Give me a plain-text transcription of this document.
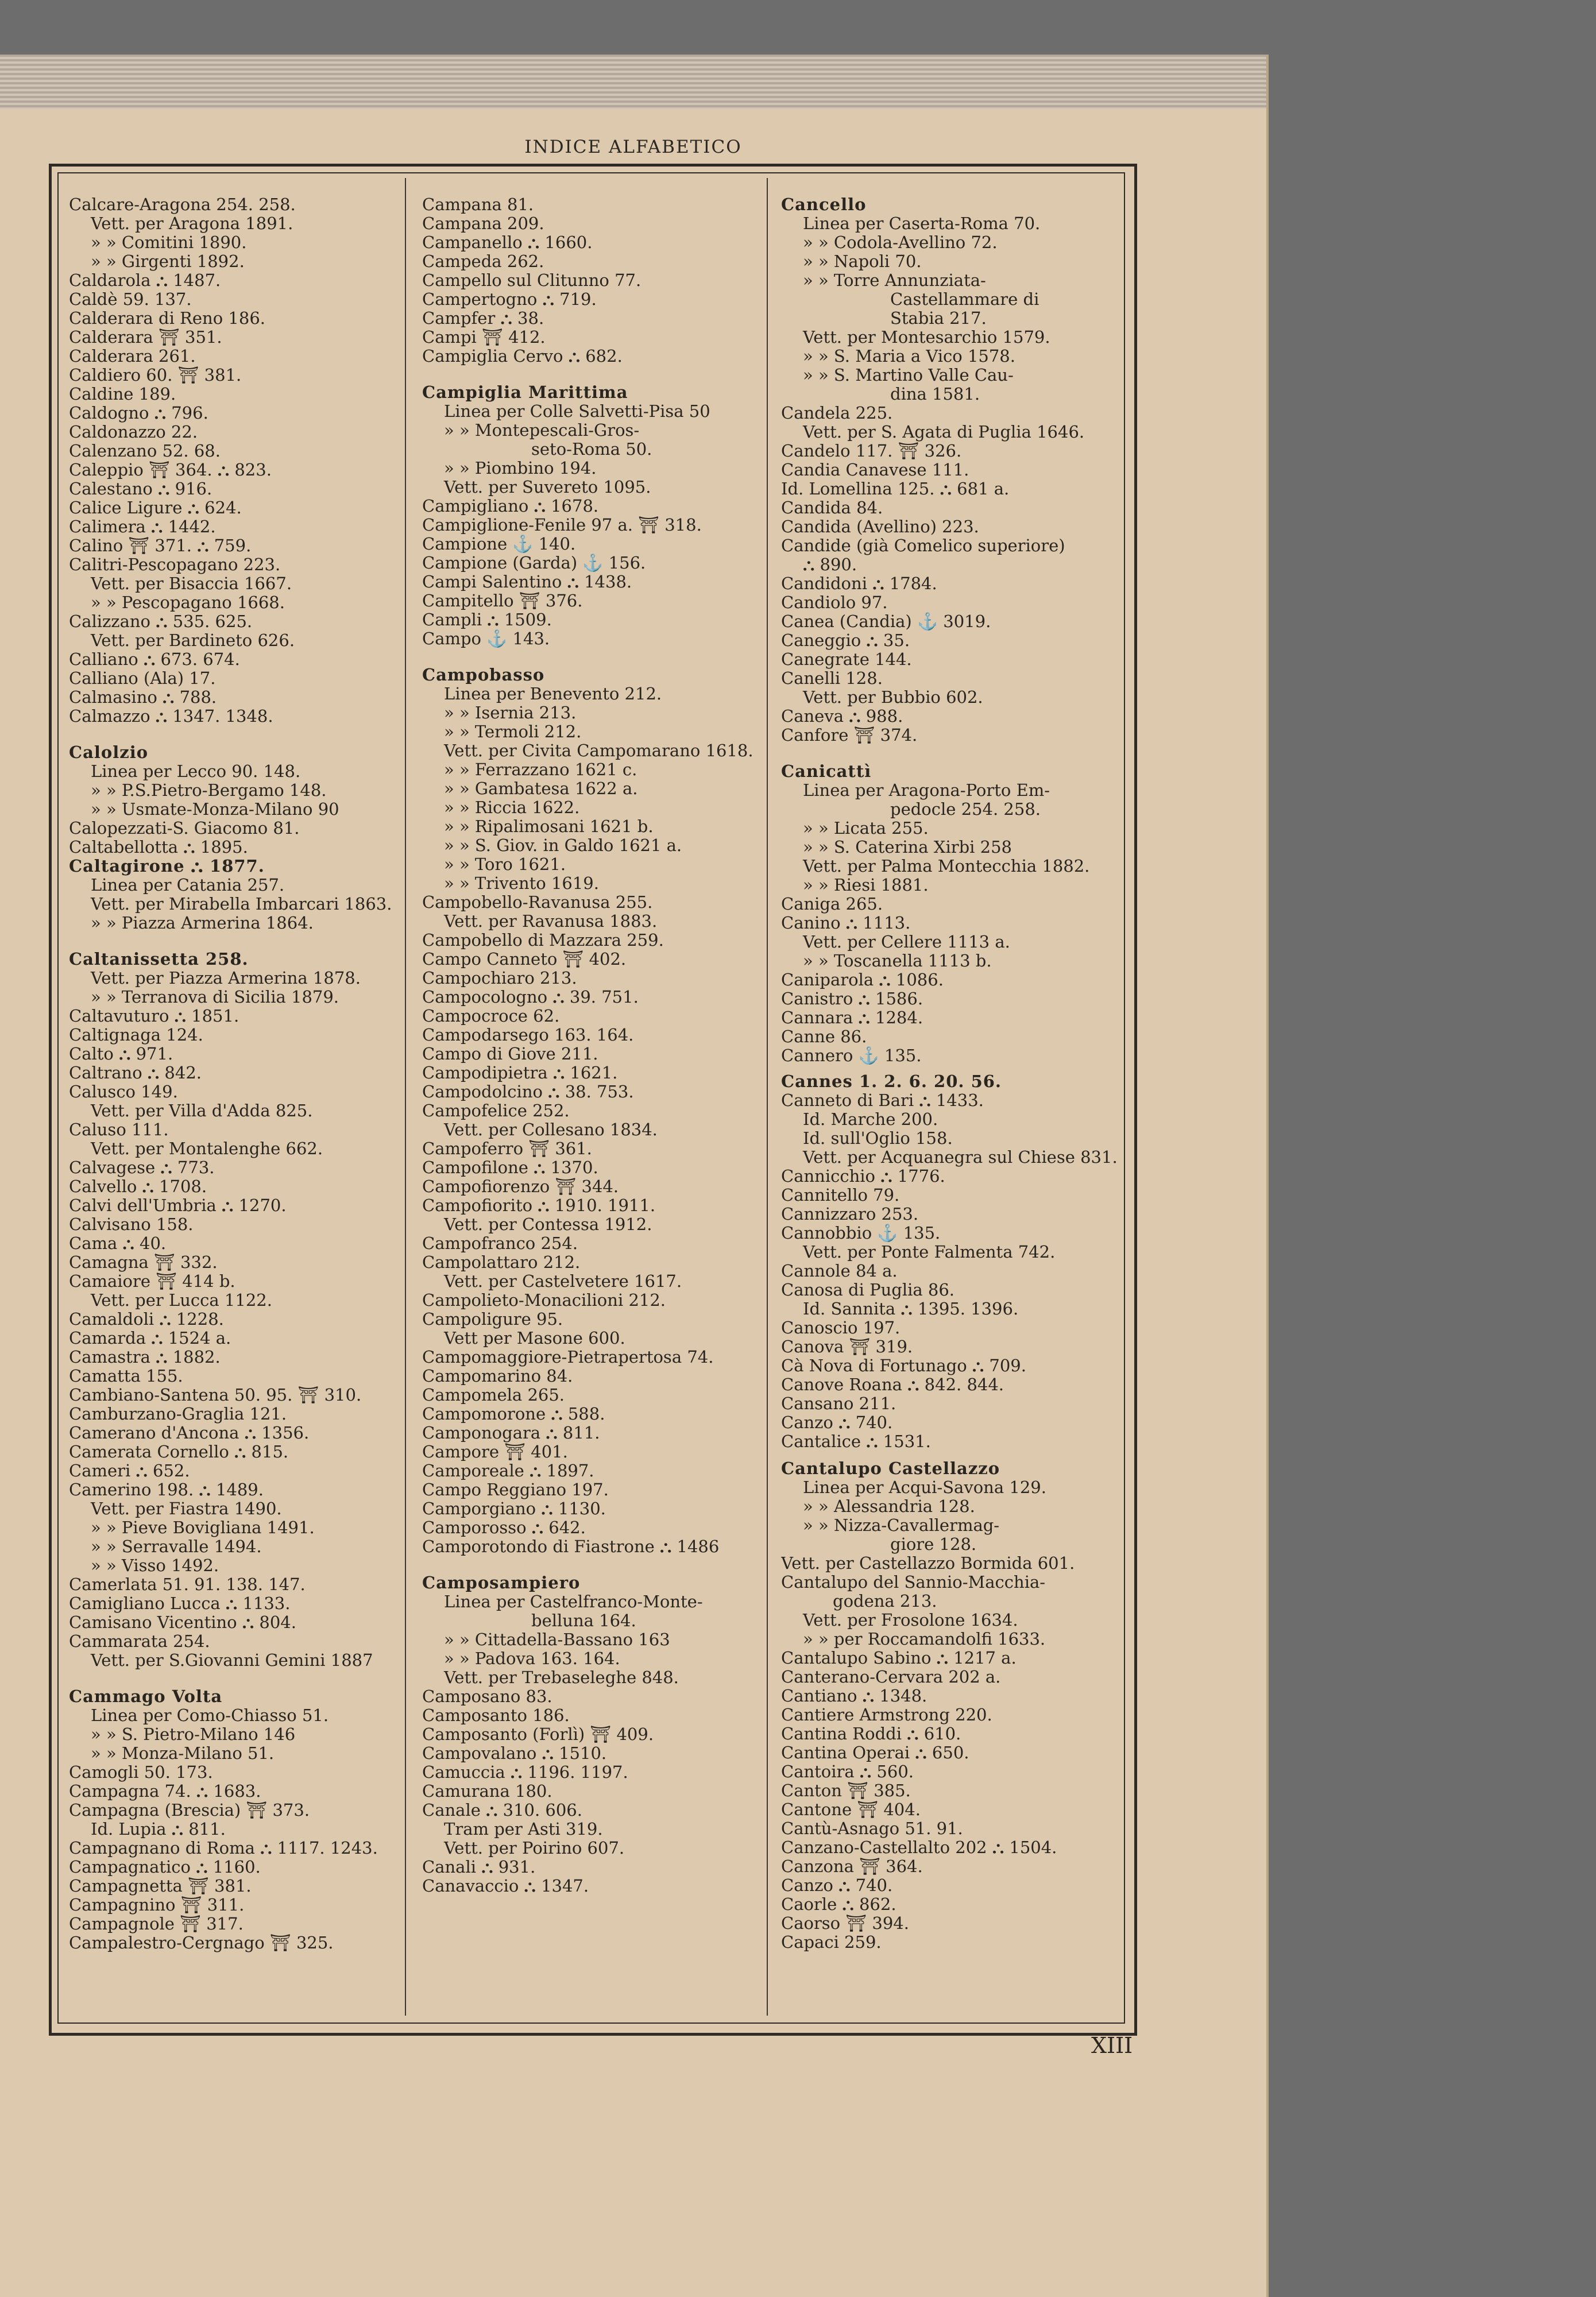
INDICE ALFABETICO
Calcare-Aragona 254. 258.
Vett. per Aragona 1891.
» » Comitini 1890.
» » Girgenti 1892.
Caldarola ⛬ 1487.
Caldè 59. 137.
Calderara di Reno 186.
Calderara ⛩ 351.
Calderara 261.
Caldiero 60. ⛩ 381.
Caldine 189.
Caldogno ⛬ 796.
Caldonazzo 22.
Calenzano 52. 68.
Caleppio ⛩ 364. ⛬ 823.
Calestano ⛬ 916.
Calice Ligure ⛬ 624.
Calimera ⛬ 1442.
Calino ⛩ 371. ⛬ 759.
Calitri-Pescopagano 223.
Vett. per Bisaccia 1667.
» » Pescopagano 1668.
Calizzano ⛬ 535. 625.
Vett. per Bardineto 626.
Calliano ⛬ 673. 674.
Calliano (Ala) 17.
Calmasino ⛬ 788.
Calmazzo ⛬ 1347. 1348.
Calolzio
Linea per Lecco 90. 148.
» » P.S.Pietro-Bergamo 148.
» » Usmate-Monza-Milano 90
Calopezzati-S. Giacomo 81.
Caltabellotta ⛬ 1895.
Caltagirone ⛬ 1877.
Linea per Catania 257.
Vett. per Mirabella Imbarcari 1863.
» » Piazza Armerina 1864.
Caltanissetta 258.
Vett. per Piazza Armerina 1878.
» » Terranova di Sicilia 1879.
Caltavuturo ⛬ 1851.
Caltignaga 124.
Calto ⛬ 971.
Caltrano ⛬ 842.
Calusco 149.
Vett. per Villa d'Adda 825.
Caluso 111.
Vett. per Montalenghe 662.
Calvagese ⛬ 773.
Calvello ⛬ 1708.
Calvi dell'Umbria ⛬ 1270.
Calvisano 158.
Cama ⛬ 40.
Camagna ⛩ 332.
Camaiore ⛩ 414 b.
Vett. per Lucca 1122.
Camaldoli ⛬ 1228.
Camarda ⛬ 1524 a.
Camastra ⛬ 1882.
Camatta 155.
Cambiano-Santena 50. 95. ⛩ 310.
Camburzano-Graglia 121.
Camerano d'Ancona ⛬ 1356.
Camerata Cornello ⛬ 815.
Cameri ⛬ 652.
Camerino 198. ⛬ 1489.
Vett. per Fiastra 1490.
» » Pieve Bovigliana 1491.
» » Serravalle 1494.
» » Visso 1492.
Camerlata 51. 91. 138. 147.
Camigliano Lucca ⛬ 1133.
Camisano Vicentino ⛬ 804.
Cammarata 254.
Vett. per S.Giovanni Gemini 1887
Cammago Volta
Linea per Como-Chiasso 51.
» » S. Pietro-Milano 146
» » Monza-Milano 51.
Camogli 50. 173.
Campagna 74. ⛬ 1683.
Campagna (Brescia) ⛩ 373.
Id. Lupia ⛬ 811.
Campagnano di Roma ⛬ 1117. 1243.
Campagnatico ⛬ 1160.
Campagnetta ⛩ 381.
Campagnino ⛩ 311.
Campagnole ⛩ 317.
Campalestro-Cergnago ⛩ 325.
Campana 81.
Campana 209.
Campanello ⛬ 1660.
Campeda 262.
Campello sul Clitunno 77.
Campertogno ⛬ 719.
Campfer ⛬ 38.
Campi ⛩ 412.
Campiglia Cervo ⛬ 682.
Campiglia Marittima
Linea per Colle Salvetti-Pisa 50
» » Montepescali-Gros-
seto-Roma 50.
» » Piombino 194.
Vett. per Suvereto 1095.
Campigliano ⛬ 1678.
Campiglione-Fenile 97 a. ⛩ 318.
Campione ⚓ 140.
Campione (Garda) ⚓ 156.
Campi Salentino ⛬ 1438.
Campitello ⛩ 376.
Campli ⛬ 1509.
Campo ⚓ 143.
Campobasso
Linea per Benevento 212.
» » Isernia 213.
» » Termoli 212.
Vett. per Civita Campomarano 1618.
» » Ferrazzano 1621 c.
» » Gambatesa 1622 a.
» » Riccia 1622.
» » Ripalimosani 1621 b.
» » S. Giov. in Galdo 1621 a.
» » Toro 1621.
» » Trivento 1619.
Campobello-Ravanusa 255.
Vett. per Ravanusa 1883.
Campobello di Mazzara 259.
Campo Canneto ⛩ 402.
Campochiaro 213.
Campocologno ⛬ 39. 751.
Campocroce 62.
Campodarsego 163. 164.
Campo di Giove 211.
Campodipietra ⛬ 1621.
Campodolcino ⛬ 38. 753.
Campofelice 252.
Vett. per Collesano 1834.
Campoferro ⛩ 361.
Campofilone ⛬ 1370.
Campofiorenzo ⛩ 344.
Campofiorito ⛬ 1910. 1911.
Vett. per Contessa 1912.
Campofranco 254.
Campolattaro 212.
Vett. per Castelvetere 1617.
Campolieto-Monacilioni 212.
Campoligure 95.
Vett per Masone 600.
Campomaggiore-Pietrapertosa 74.
Campomarino 84.
Campomela 265.
Campomorone ⛬ 588.
Camponogara ⛬ 811.
Campore ⛩ 401.
Camporeale ⛬ 1897.
Campo Reggiano 197.
Camporgiano ⛬ 1130.
Camporosso ⛬ 642.
Camporotondo di Fiastrone ⛬ 1486
Camposampiero
Linea per Castelfranco-Monte-
belluna 164.
» » Cittadella-Bassano 163
» » Padova 163. 164.
Vett. per Trebaseleghe 848.
Camposano 83.
Camposanto 186.
Camposanto (Forlì) ⛩ 409.
Campovalano ⛬ 1510.
Camuccia ⛬ 1196. 1197.
Camurana 180.
Canale ⛬ 310. 606.
Tram per Asti 319.
Vett. per Poirino 607.
Canali ⛬ 931.
Canavaccio ⛬ 1347.
Cancello
Linea per Caserta-Roma 70.
» » Codola-Avellino 72.
» » Napoli 70.
» » Torre Annunziata-
Castellammare di
Stabia 217.
Vett. per Montesarchio 1579.
» » S. Maria a Vico 1578.
» » S. Martino Valle Cau-
dina 1581.
Candela 225.
Vett. per S. Agata di Puglia 1646.
Candelo 117. ⛩ 326.
Candia Canavese 111.
Id. Lomellina 125. ⛬ 681 a.
Candida 84.
Candida (Avellino) 223.
Candide (già Comelico superiore)
⛬ 890.
Candidoni ⛬ 1784.
Candiolo 97.
Canea (Candia) ⚓ 3019.
Caneggio ⛬ 35.
Canegrate 144.
Canelli 128.
Vett. per Bubbio 602.
Caneva ⛬ 988.
Canfore ⛩ 374.
Canicattì
Linea per Aragona-Porto Em-
pedocle 254. 258.
» » Licata 255.
» » S. Caterina Xirbi 258
Vett. per Palma Montecchia 1882.
» » Riesi 1881.
Caniga 265.
Canino ⛬ 1113.
Vett. per Cellere 1113 a.
» » Toscanella 1113 b.
Caniparola ⛬ 1086.
Canistro ⛬ 1586.
Cannara ⛬ 1284.
Canne 86.
Cannero ⚓ 135.
Cannes 1. 2. 6. 20. 56.
Canneto di Bari ⛬ 1433.
Id. Marche 200.
Id. sull'Oglio 158.
Vett. per Acquanegra sul Chiese 831.
Cannicchio ⛬ 1776.
Cannitello 79.
Cannizzaro 253.
Cannobbio ⚓ 135.
Vett. per Ponte Falmenta 742.
Cannole 84 a.
Canosa di Puglia 86.
Id. Sannita ⛬ 1395. 1396.
Canoscio 197.
Canova ⛩ 319.
Cà Nova di Fortunago ⛬ 709.
Canove Roana ⛬ 842. 844.
Cansano 211.
Canzo ⛬ 740.
Cantalice ⛬ 1531.
Cantalupo Castellazzo
Linea per Acqui-Savona 129.
» » Alessandria 128.
» » Nizza-Cavallermag-
giore 128.
Vett. per Castellazzo Bormida 601.
Cantalupo del Sannio-Macchia-
godena 213.
Vett. per Frosolone 1634.
» » per Roccamandolfi 1633.
Cantalupo Sabino ⛬ 1217 a.
Canterano-Cervara 202 a.
Cantiano ⛬ 1348.
Cantiere Armstrong 220.
Cantina Roddi ⛬ 610.
Cantina Operai ⛬ 650.
Cantoira ⛬ 560.
Canton ⛩ 385.
Cantone ⛩ 404.
Cantù-Asnago 51. 91.
Canzano-Castellalto 202 ⛬ 1504.
Canzona ⛩ 364.
Canzo ⛬ 740.
Caorle ⛬ 862.
Caorso ⛩ 394.
Capaci 259.
XIII
